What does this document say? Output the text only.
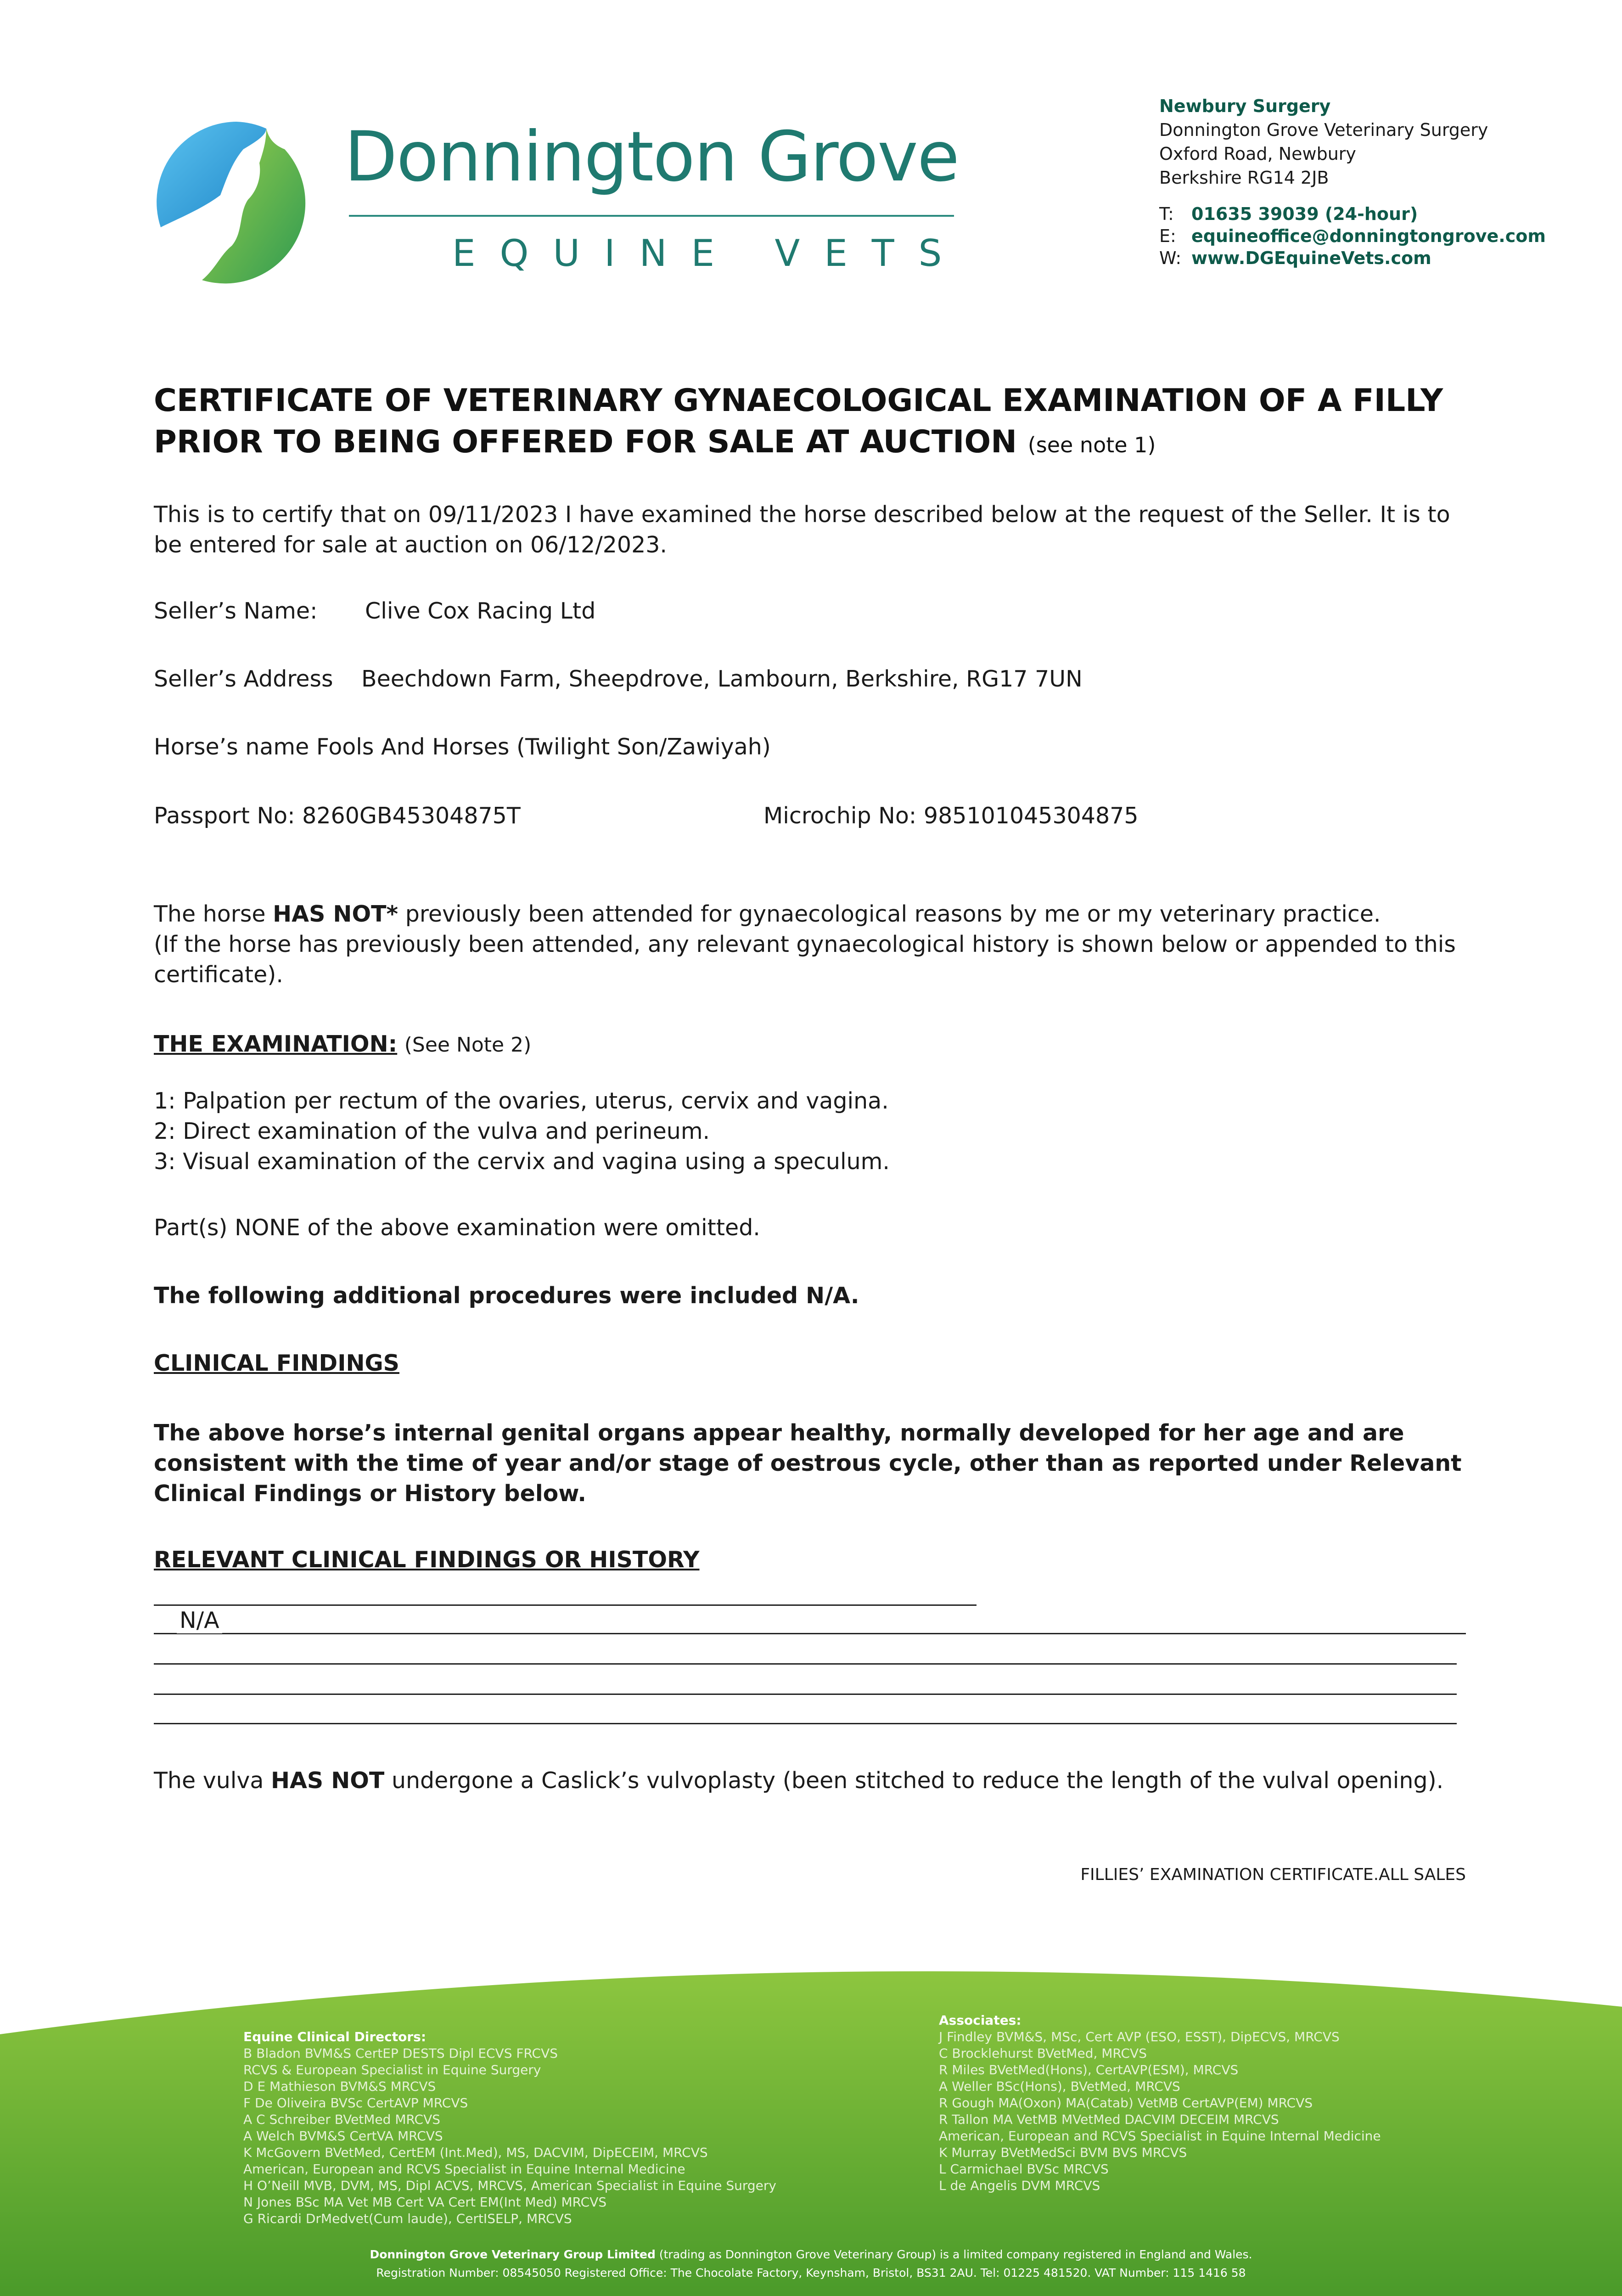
Donnington Grove
EQUINE VETS
Newbury Surgery
Donnington Grove Veterinary Surgery
Oxford Road, Newbury
Berkshire RG14 2JB
T: 01635 39039 (24-hour)
E: equineoffice@donningtongrove.com
W: www.DGEquineVets.com
CERTIFICATE OF VETERINARY GYNAECOLOGICAL EXAMINATION OF A FILLY PRIOR TO BEING OFFERED FOR SALE AT AUCTION (see note 1)
This is to certify that on 09/11/2023 I have examined the horse described below at the request of the Seller. It is to be entered for sale at auction on 06/12/2023.
Seller’s Name: Clive Cox Racing Ltd
Seller’s Address Beechdown Farm, Sheepdrove, Lambourn, Berkshire, RG17 7UN
Horse’s name Fools And Horses (Twilight Son/Zawiyah)
Passport No: 8260GB45304875T	Microchip No: 985101045304875
The horse HAS NOT* previously been attended for gynaecological reasons by me or my veterinary practice.
(If the horse has previously been attended, any relevant gynaecological history is shown below or appended to this certificate).
THE EXAMINATION: (See Note 2)
1: Palpation per rectum of the ovaries, uterus, cervix and vagina.
2: Direct examination of the vulva and perineum.
3: Visual examination of the cervix and vagina using a speculum.
Part(s) NONE of the above examination were omitted.
The following additional procedures were included N/A.
CLINICAL FINDINGS
The above horse’s internal genital organs appear healthy, normally developed for her age and are consistent with the time of year and/or stage of oestrous cycle, other than as reported under Relevant Clinical Findings or History below.
RELEVANT CLINICAL FINDINGS OR HISTORY
N/A
The vulva HAS NOT undergone a Caslick’s vulvoplasty (been stitched to reduce the length of the vulval opening).
FILLIES’ EXAMINATION CERTIFICATE.ALL SALES
Equine Clinical Directors:
B Bladon BVM&S CertEP DESTS Dipl ECVS FRCVS
RCVS & European Specialist in Equine Surgery
D E Mathieson BVM&S MRCVS
F De Oliveira BVSc CertAVP MRCVS
A C Schreiber BVetMed MRCVS
A Welch BVM&S CertVA MRCVS
K McGovern BVetMed, CertEM (Int.Med), MS, DACVIM, DipECEIM, MRCVS
American, European and RCVS Specialist in Equine Internal Medicine
H O’Neill MVB, DVM, MS, Dipl ACVS, MRCVS, American Specialist in Equine Surgery
N Jones BSc MA Vet MB Cert VA Cert EM(Int Med) MRCVS
G Ricardi DrMedvet(Cum laude), CertISELP, MRCVS
Associates:
J Findley BVM&S, MSc, Cert AVP (ESO, ESST), DipECVS, MRCVS
C Brocklehurst BVetMed, MRCVS
R Miles BVetMed(Hons), CertAVP(ESM), MRCVS
A Weller BSc(Hons), BVetMed, MRCVS
R Gough MA(Oxon) MA(Catab) VetMB CertAVP(EM) MRCVS
R Tallon MA VetMB MVetMed DACVIM DECEIM MRCVS
American, European and RCVS Specialist in Equine Internal Medicine
K Murray BVetMedSci BVM BVS MRCVS
L Carmichael BVSc MRCVS
L de Angelis DVM MRCVS
Donnington Grove Veterinary Group Limited (trading as Donnington Grove Veterinary Group) is a limited company registered in England and Wales.
Registration Number: 08545050 Registered Office: The Chocolate Factory, Keynsham, Bristol, BS31 2AU. Tel: 01225 481520. VAT Number: 115 1416 58
